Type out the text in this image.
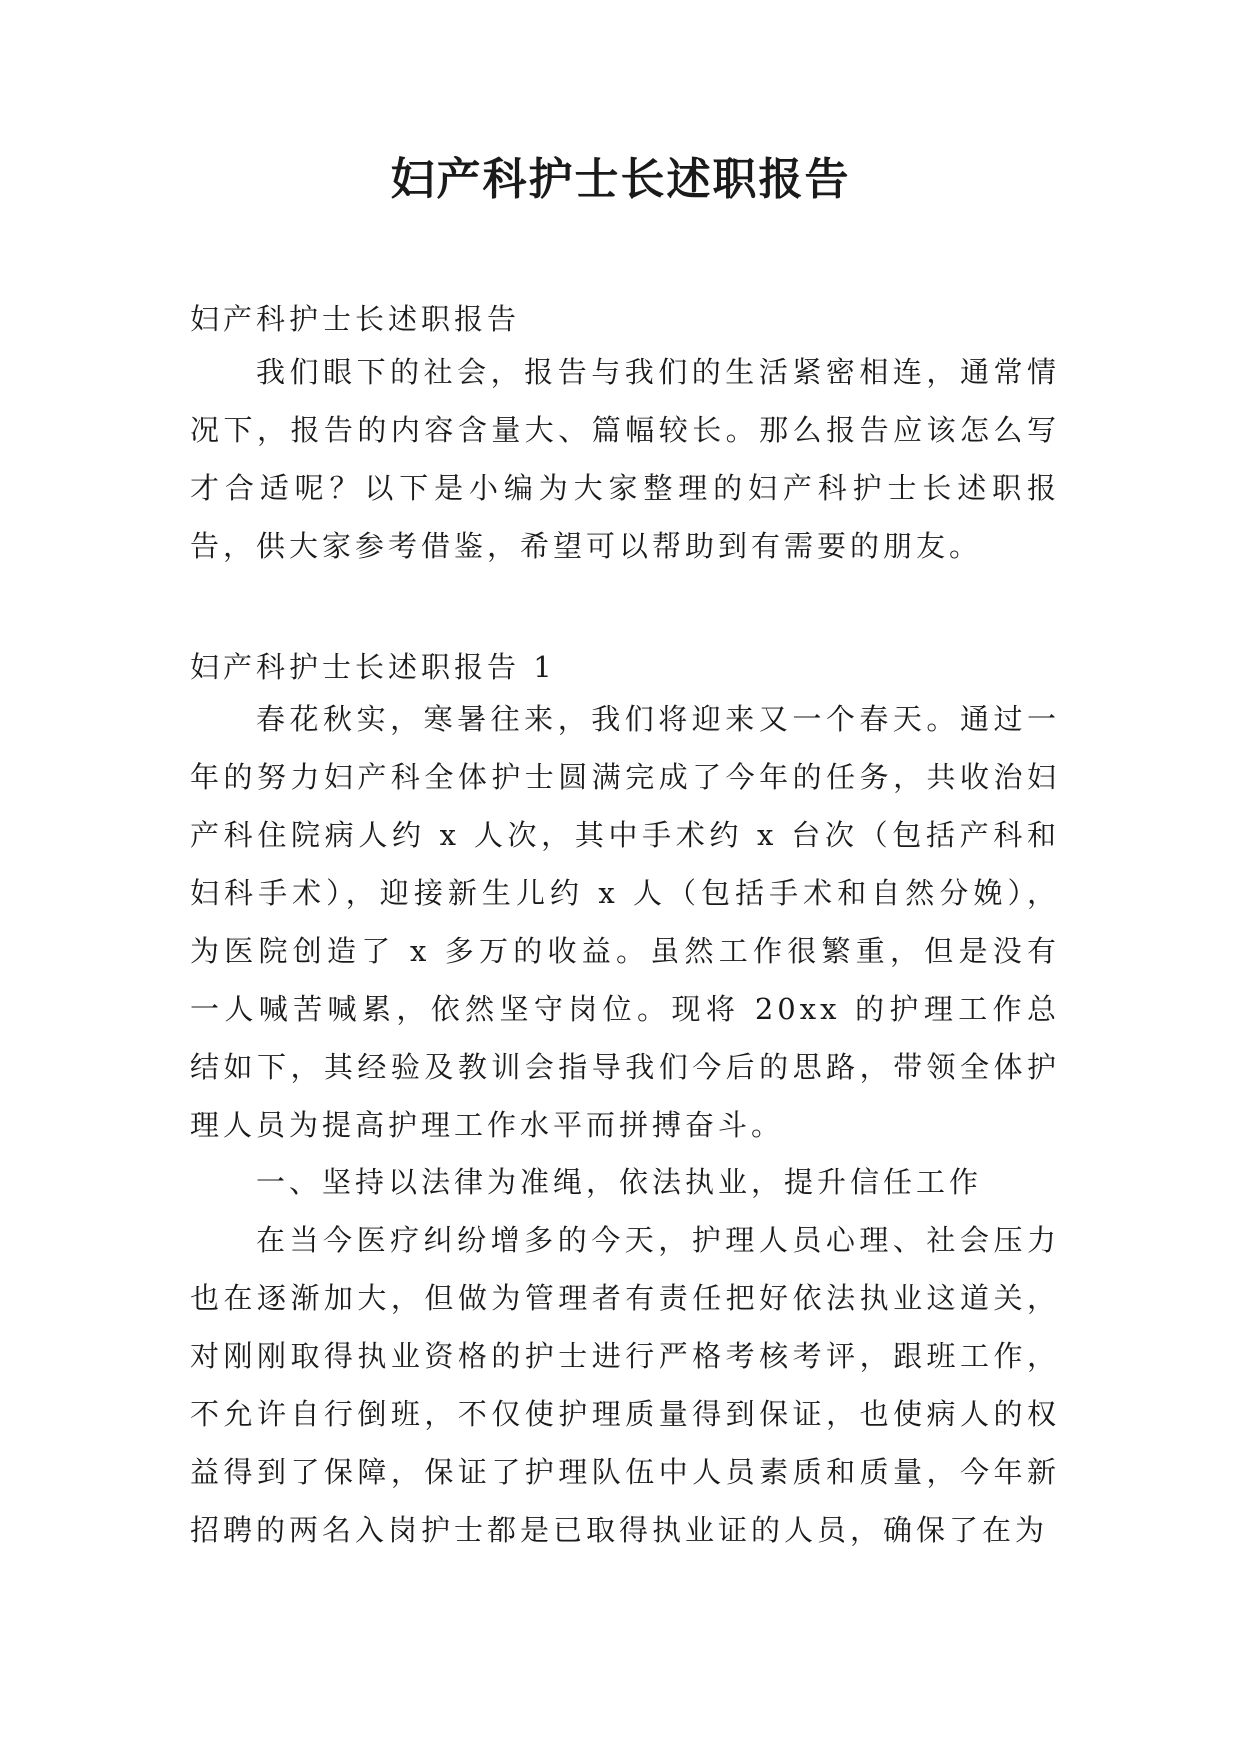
妇产科护士长述职报告

妇产科护士长述职报告

我们眼下的社会，报告与我们的生活紧密相连，通常情况下，报告的内容含量大、篇幅较长。那么报告应该怎么写才合适呢？以下是小编为大家整理的妇产科护士长述职报告，供大家参考借鉴，希望可以帮助到有需要的朋友。

妇产科护士长述职报告 1

春花秋实，寒暑往来，我们将迎来又一个春天。通过一年的努力妇产科全体护士圆满完成了今年的任务，共收治妇产科住院病人约 x 人次，其中手术约 x 台次（包括产科和妇科手术），迎接新生儿约 x 人（包括手术和自然分娩），为医院创造了 x 多万的收益。虽然工作很繁重，但是没有一人喊苦喊累，依然坚守岗位。现将 20xx 的护理工作总结如下，其经验及教训会指导我们今后的思路，带领全体护理人员为提高护理工作水平而拼搏奋斗。

一、坚持以法律为准绳，依法执业，提升信任工作

在当今医疗纠纷增多的今天，护理人员心理、社会压力也在逐渐加大，但做为管理者有责任把好依法执业这道关，对刚刚取得执业资格的护士进行严格考核考评，跟班工作，不允许自行倒班，不仅使护理质量得到保证，也使病人的权益得到了保障，保证了护理队伍中人员素质和质量，今年新招聘的两名入岗护士都是已取得执业证的人员，确保了在为
